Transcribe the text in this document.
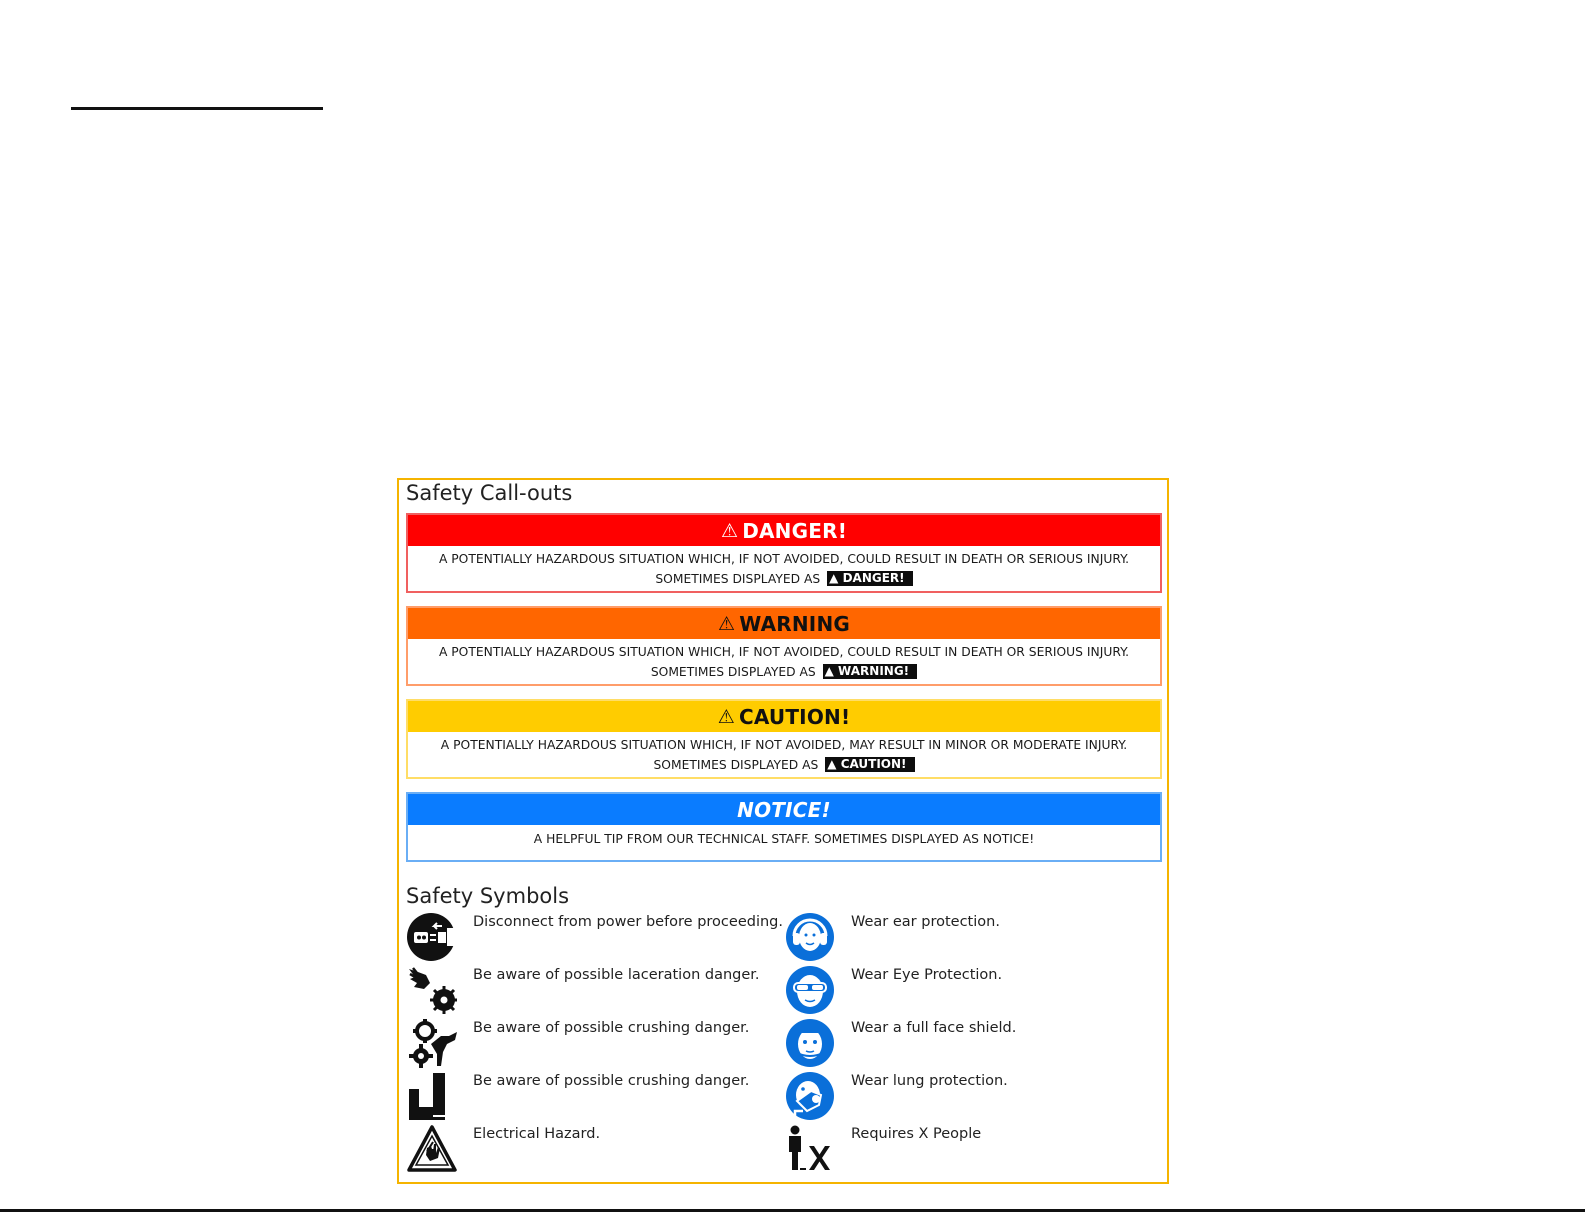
Safety Call-outs
⚠ DANGER!
A POTENTIALLY HAZARDOUS SITUATION WHICH, IF NOT AVOIDED, COULD RESULT IN DEATH OR SERIOUS INJURY.
SOMETIMES DISPLAYED AS ▲ DANGER!
⚠ WARNING
A POTENTIALLY HAZARDOUS SITUATION WHICH, IF NOT AVOIDED, COULD RESULT IN DEATH OR SERIOUS INJURY.
SOMETIMES DISPLAYED AS ▲ WARNING!
⚠ CAUTION!
A POTENTIALLY HAZARDOUS SITUATION WHICH, IF NOT AVOIDED, MAY RESULT IN MINOR OR MODERATE INJURY.
SOMETIMES DISPLAYED AS ▲ CAUTION!
NOTICE!
A HELPFUL TIP FROM OUR TECHNICAL STAFF. SOMETIMES DISPLAYED AS NOTICE!
Safety Symbols
Disconnect from power before proceeding.
Be aware of possible laceration danger.
Be aware of possible crushing danger.
Be aware of possible crushing danger.
Electrical Hazard.
Wear ear protection.
Wear Eye Protection.
Wear a full face shield.
Wear lung protection.
Requires X People
